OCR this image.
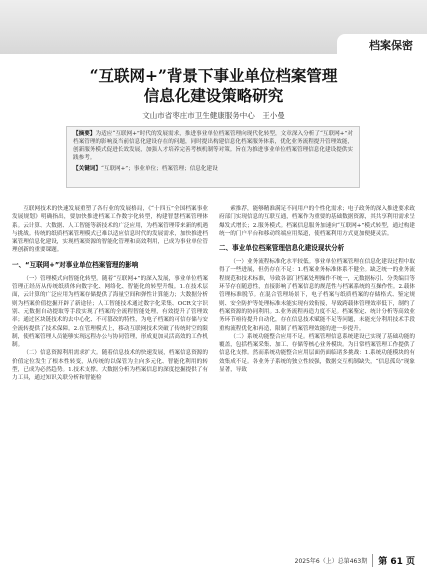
档案保密
“互联网+”背景下事业单位档案管理
信息化建设策略研究
文山市省枣庄市卫生健康服务中心　王小曼

【摘要】为适应“互联网+”时代的发展需求，推进事业单位档案管理向现代化转型，文章深入分析了“互联网+”对档案管理的影响及当前信息化建设存在的问题，同时提出构建信息化档案服务体系，优化业务流程提升管理效能，创新服务模式促进长效发展，加强人才培养完善考核机制等对策。旨在为推进事业单位档案管理信息化建设提供实践参考。

【关键词】“互联网+”；事业单位；档案管理；信息化建设

互联网技术的快速发展重塑了各行业的发展格局，《“十四五”全国档案事业发展规划》明确指出，要加快推进档案工作数字化转型，构建智慧档案管理体系。云计算、大数据、人工智能等新技术的广泛应用，为档案管理带来新的机遇与挑战。传统的纸质档案管理模式已难以适应信息时代的发展需求，加快推进档案管理信息化建设，实现档案资源的智能化管理和高效利用，已成为事业单位管理创新的重要课题。

一、“互联网+”对事业单位档案管理的影响

（一）管理模式向智能化转型。随着“互联网+”的深入发展，事业单位档案管理正经历从传统纸质体向数字化、网络化、智能化的转型升级。1.在技术层面，云计算的广泛应用为档案存储提供了海量空间和弹性计算能力；大数据分析则为档案价值挖掘开辟了新途径；人工智能技术通过数字化采集、OCR文字识别、元数据自动提取等手段实现了档案的全流程智能处理，有效提升了管理效率；通过区块链技术的去中心化、不可篡改的特性，为电子档案的可信存储与安全流转提供了技术保障。2.在管理模式上，移动互联网技术突破了传统时空的限制，使档案管理人员能够实现远程办公与协同管理，形成更加灵活高效的工作机制。

（二）信息资源利用需求扩大。随着信息技术的快速发展，档案信息资源的价值定位发生了根本性转变，从传统的以保管为主向多元化、智能化利用的转型，已成为必然趋势。1.技术支撑。大数据分析为档案信息的深度挖掘提供了有力工具，通过知识关联分析和智能检

索推荐，能够精准满足不同用户的个性化需求；电子政务的深入推进要求政府部门实现信息的互联互通，档案作为重要的基础数据资源，其共享利用需求呈爆发式增长；2.服务模式。档案信息服务加速向“互联网+”模式转型，通过构建统一的门户平台和移动终端应用渠道，使档案利用方式更加便捷灵活。

二、事业单位档案管理信息化建设现状分析

（一）业务流程标准化水平较低。事业单位档案管理在信息化建设过程中取得了一些进展，但仍存在不足：1.档案业务标准体系不健全。缺乏统一的业务流程规范和技术标准，导致各部门档案处理操作不统一，元数据标引、分类编目等环节存在随意性，直接影响了档案信息的规范性与档案系统的互操作性。2.载体管理标准脱节。在混合管理场景下，电子档案与纸质档案的存储格式、鉴定规则、安全防护等处理标准未能实现有效衔接，导致跨载体管理效率低下，制约了档案资源的协同利用。3.业务流程再造力度不足。档案鉴定、统计分析等高效业务环节亟待提升自动化，存在信息技术赋能不足等问题，未能充分利用技术手段重构流程优化和再造，限制了档案管理效能的进一步提升。

（二）系统功能整合应用不足。档案管理信息系统建设已实现了基础功能的覆盖，包括档案采集、加工、存储等核心业务模块。为日常档案管理工作提供了信息化支撑。然而系统功能整合应用层面仍面临诸多挑战：1.系统功能模块的有效集成不足。各业务子系统的独立性较强，数据交互机制缺失，“信息孤岛”现象显著，导致

2025年6（上）总第463期	第 61 页
